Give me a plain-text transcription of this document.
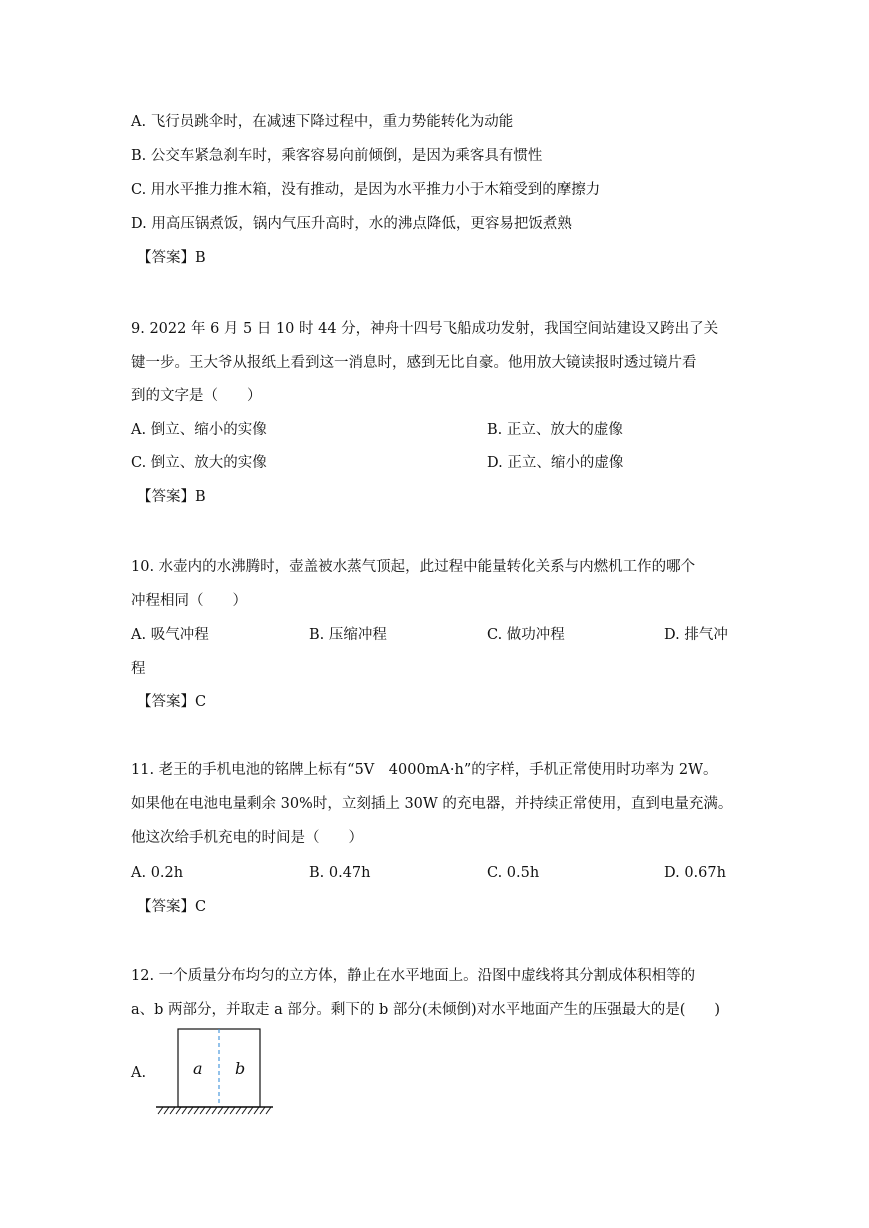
A. 飞行员跳伞时，在减速下降过程中，重力势能转化为动能
B. 公交车紧急刹车时，乘客容易向前倾倒，是因为乘客具有惯性
C. 用水平推力推木箱，没有推动，是因为水平推力小于木箱受到的摩擦力
D. 用高压锅煮饭，锅内气压升高时，水的沸点降低，更容易把饭煮熟
【答案】B
9. 2022 年 6 月 5 日 10 时 44 分，神舟十四号飞船成功发射，我国空间站建设又跨出了关
键一步。王大爷从报纸上看到这一消息时，感到无比自豪。他用放大镜读报时透过镜片看
到的文字是（　　）
A. 倒立、缩小的实像	B. 正立、放大的虚像
C. 倒立、放大的实像	D. 正立、缩小的虚像
【答案】B
10. 水壶内的水沸腾时，壶盖被水蒸气顶起，此过程中能量转化关系与内燃机工作的哪个
冲程相同（　　）
A. 吸气冲程	B. 压缩冲程	C. 做功冲程	D. 排气冲
程
【答案】C
11. 老王的手机电池的铭牌上标有“5V　4000mA·h”的字样，手机正常使用时功率为 2W。
如果他在电池电量剩余 30%时，立刻插上 30W 的充电器，并持续正常使用，直到电量充满。
他这次给手机充电的时间是（　　）
A. 0.2h	B. 0.47h	C. 0.5h	D. 0.67h
【答案】C
12. 一个质量分布均匀的立方体，静止在水平地面上。沿图中虚线将其分割成体积相等的
a、b 两部分，并取走 a 部分。剩下的 b 部分(未倾倒)对水平地面产生的压强最大的是(　　)
A.	a b
